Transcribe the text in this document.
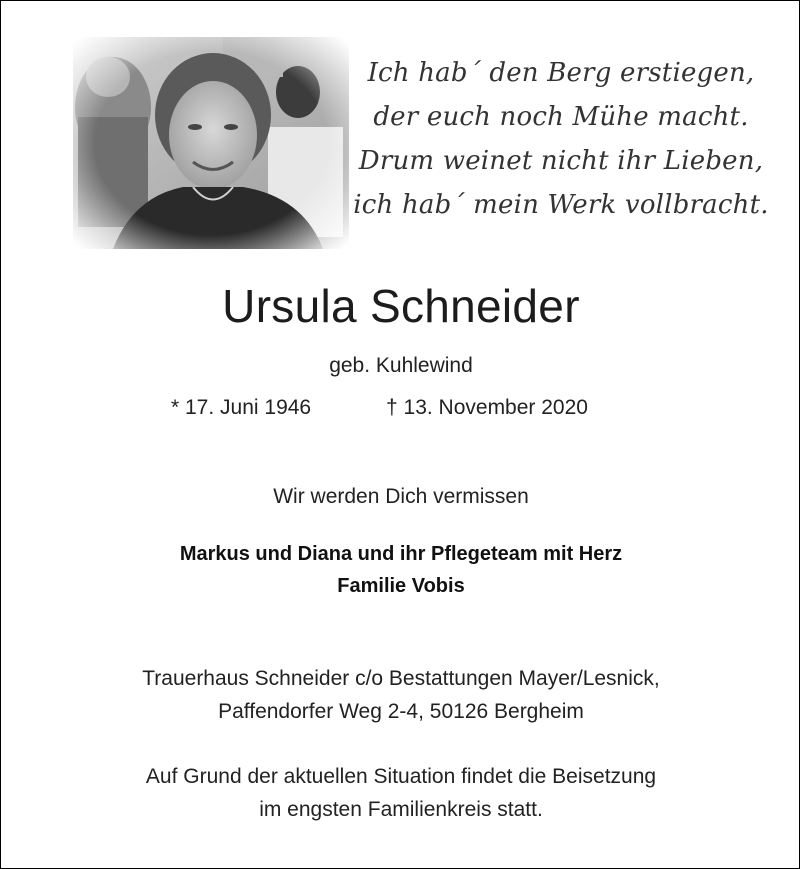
Ich hab´ den Berg erstiegen,
der euch noch Mühe macht.
Drum weinet nicht ihr Lieben,
ich hab´ mein Werk vollbracht.
Ursula Schneider
geb. Kuhlewind
* 17. Juni 1946	† 13. November 2020
Wir werden Dich vermissen
Markus und Diana und ihr Pflegeteam mit Herz
Familie Vobis
Trauerhaus Schneider c/o Bestattungen Mayer/Lesnick,
Paffendorfer Weg 2-4, 50126 Bergheim
Auf Grund der aktuellen Situation findet die Beisetzung
im engsten Familienkreis statt.
